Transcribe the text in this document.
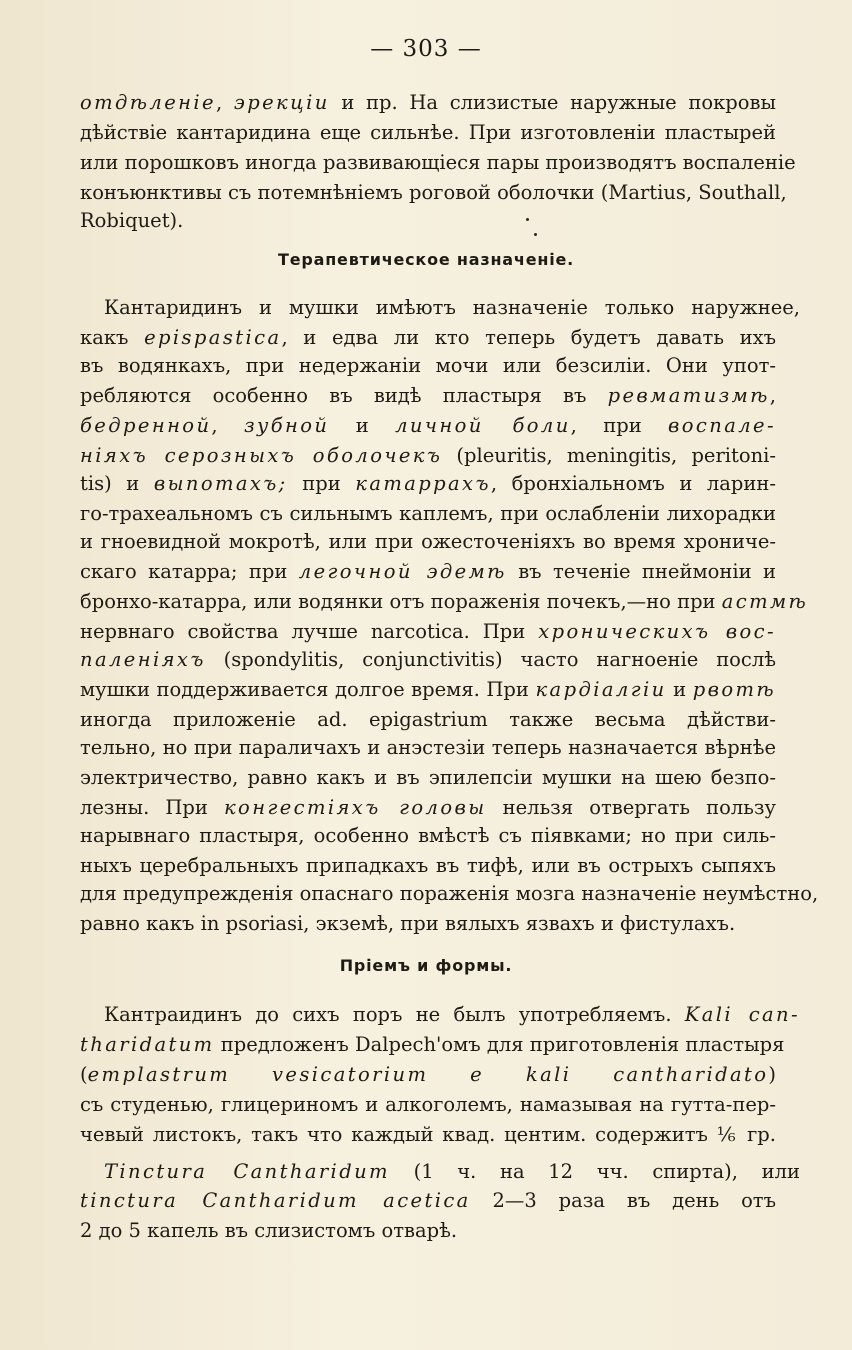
— 303 —
отдѣленіе, эрекціи и пр. На слизистые наружные покровы
дѣйствіе кантаридина еще сильнѣе. При изготовленіи пластырей
или порошковъ иногда развивающіеся пары производятъ воспаленіе
конъюнктивы съ потемнѣніемъ роговой оболочки (Martius, Southall,
Robiquet).
Терапевтическое назначеніе.
Кантаридинъ и мушки имѣютъ назначеніе только наружнее,
какъ epispastica, и едва ли кто теперь будетъ давать ихъ
въ водянкахъ, при недержаніи мочи или безсиліи. Они упот-
ребляются особенно въ видѣ пластыря въ ревматизмѣ,
бедренной, зубной и личной боли, при воспале-
ніяхъ серозныхъ оболочекъ (pleuritis, meningitis, peritoni-
tis) и выпотахъ; при катаррахъ, бронхіальномъ и ларин-
го-трахеальномъ съ сильнымъ каплемъ, при ослабленіи лихорадки
и гноевидной мокротѣ, или при ожесточеніяхъ во время хрониче-
скаго катарра; при легочной эдемѣ въ теченіе пнеймоніи и
бронхо-катарра, или водянки отъ пораженія почекъ,—но при астмѣ
нервнаго свойства лучше narcotica. При хроническихъ вос-
паленіяхъ (spondylitis, conjunctivitis) часто нагноеніе послѣ
мушки поддерживается долгое время. При кардіалгіи и рвотѣ
иногда приложеніе ad. epigastrium также весьма дѣйстви-
тельно, но при параличахъ и анэстезіи теперь назначается вѣрнѣе
электричество, равно какъ и въ эпилепсіи мушки на шею безпо-
лезны. При конгестіяхъ головы нельзя отвергать пользу
нарывнаго пластыря, особенно вмѣстѣ съ піявками; но при силь-
ныхъ церебральныхъ припадкахъ въ тифѣ, или въ острыхъ сыпяхъ
для предупрежденія опаснаго пораженія мозга назначеніе неумѣстно,
равно какъ in psoriasi, экземѣ, при вялыхъ язвахъ и фистулахъ.
Пріемъ и формы.
Кантраидинъ до сихъ поръ не былъ употребляемъ. Kali can-
tharidatum предложенъ Dalpech'омъ для приготовленія пластыря
(emplastrum vesicatorium e kali cantharidato)
съ студенью, глицериномъ и алкоголемъ, намазывая на гутта-пер-
чевый листокъ, такъ что каждый квад. центим. содержитъ ⅙ гр.
Tinctura Cantharidum (1 ч. на 12 чч. спирта), или
tinctura Cantharidum acetica 2—3 раза въ день отъ
2 до 5 капель въ слизистомъ отварѣ.
